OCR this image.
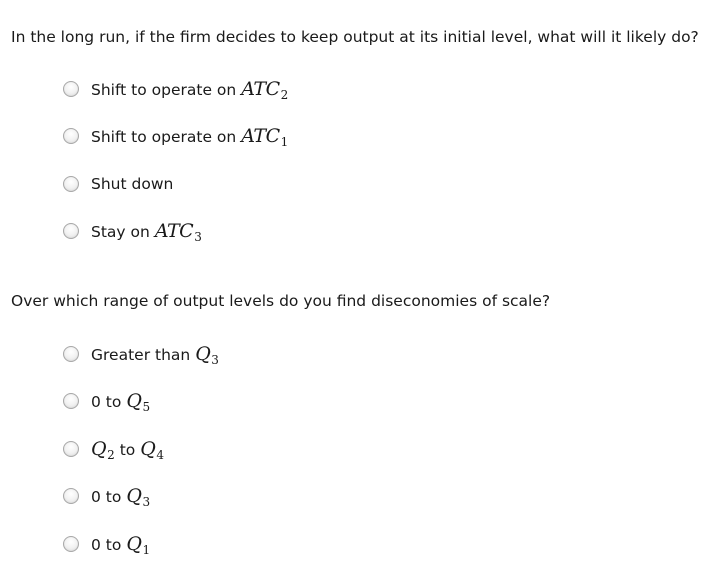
In the long run, if the firm decides to keep output at its initial level, what will it likely do?
Shift to operate on ATC 2
Shift to operate on ATC 1
Shut down
Stay on ATC 3
Over which range of output levels do you find diseconomies of scale?
Greater than Q 3
0 to Q 5
Q 2 to Q 4
0 to Q 3
0 to Q 1
